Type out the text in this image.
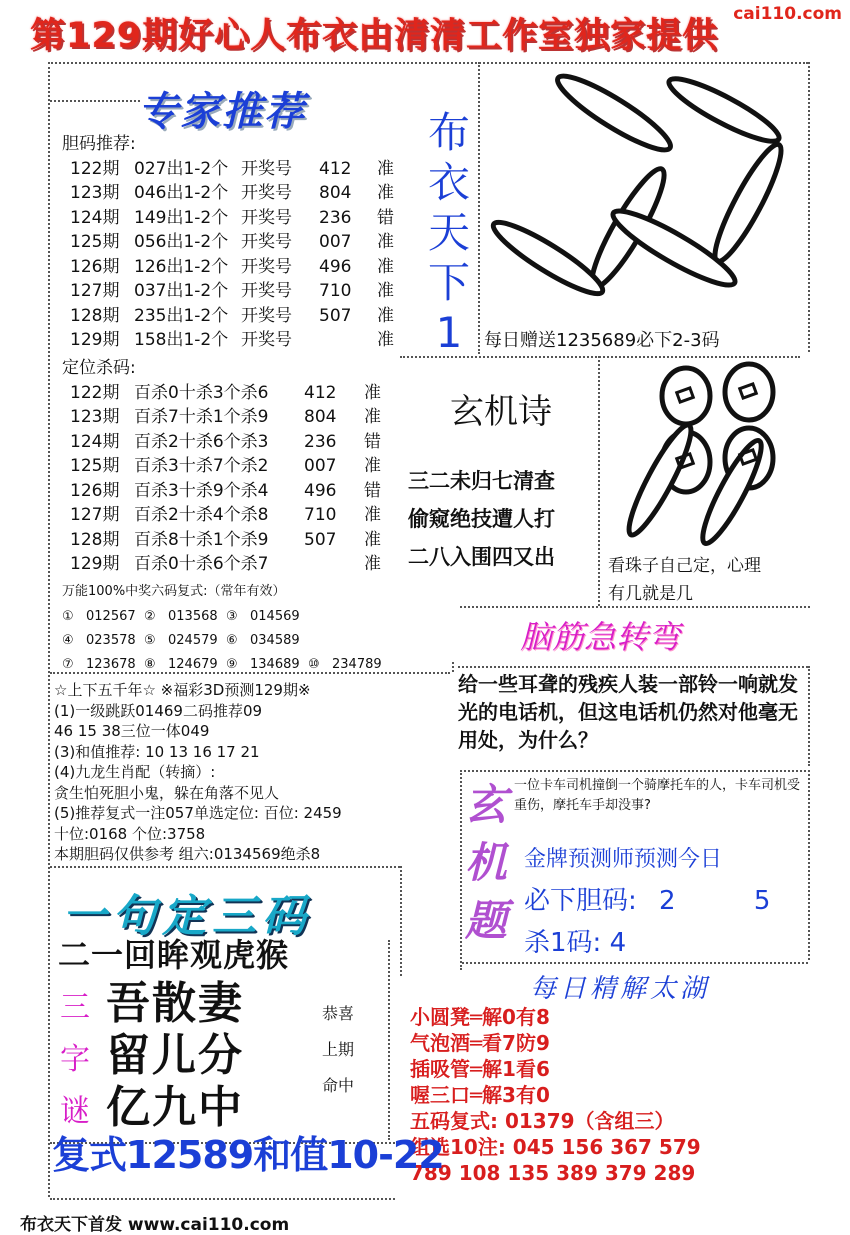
第129期好心人布衣由清清工作室独家提供
cai110.com
专家推荐
胆码推荐:
122期 027出1-2个 开奖号	412	准
123期 046出1-2个 开奖号	804	准
124期 149出1-2个 开奖号	236	错
125期 056出1-2个 开奖号	007	准
126期 126出1-2个 开奖号	496	准
127期 037出1-2个 开奖号	710	准
128期 235出1-2个 开奖号	507	准
129期 158出1-2个 开奖号	准
定位杀码:
122期 百杀0十杀3个杀6	412	准
123期 百杀7十杀1个杀9	804	准
124期 百杀2十杀6个杀3	236	错
125期 百杀3十杀7个杀2	007	准
126期 百杀3十杀9个杀4	496	错
127期 百杀2十杀4个杀8	710	准
128期 百杀8十杀1个杀9	507	准
129期 百杀0十杀6个杀7	准
万能100%中奖六码复式:（常年有效）
① 012567 ② 013568 ③ 014569
④ 023578 ⑤ 024579 ⑥ 034589
⑦ 123678 ⑧ 124679 ⑨ 134689 ⑩ 234789
布
衣
天
下
1	每日赠送1235689必下2-3码
玄机诗
三二未归七清查
偷窥绝技遭人打
二八入围四又出	看珠子自己定，心理
有几就是几
脑筋急转弯
给一些耳聋的残疾人装一部铃一响就发光的电话机，但这电话机仍然对他毫无用处，为什么？
☆上下五千年☆ ※福彩3D预测129期※
(1)一级跳跃01469二码推荐09
46 15 38三位一体049
(3)和值推荐: 10 13 16 17 21
(4)九龙生肖配（转摘）:
贪生怕死胆小鬼，躲在角落不见人
(5)推荐复式一注057单选定位: 百位: 2459
十位:0168 个位:3758
本期胆码仅供参考 组六:0134569绝杀8
玄
机
题
一位卡车司机撞倒一个骑摩托车的人，卡车司机受重伤，摩托车手却没事?
金牌预测师预测今日
必下胆码: 2	5
杀1码: 4
一句定三码
二一回眸观虎猴
三
字
谜
吾散妻
留儿分
亿九中
恭喜
上期
命中
每日精解太湖
小圆凳═解0有8
气泡酒═看7防9
插吸管═解1看6
喔三口═解3有0
五码复式: 01379（含组三）
组选10注: 045 156 367 579
789 108 135 389 379 289
复式12589和值10-22
布衣天下首发 www.cai110.com
